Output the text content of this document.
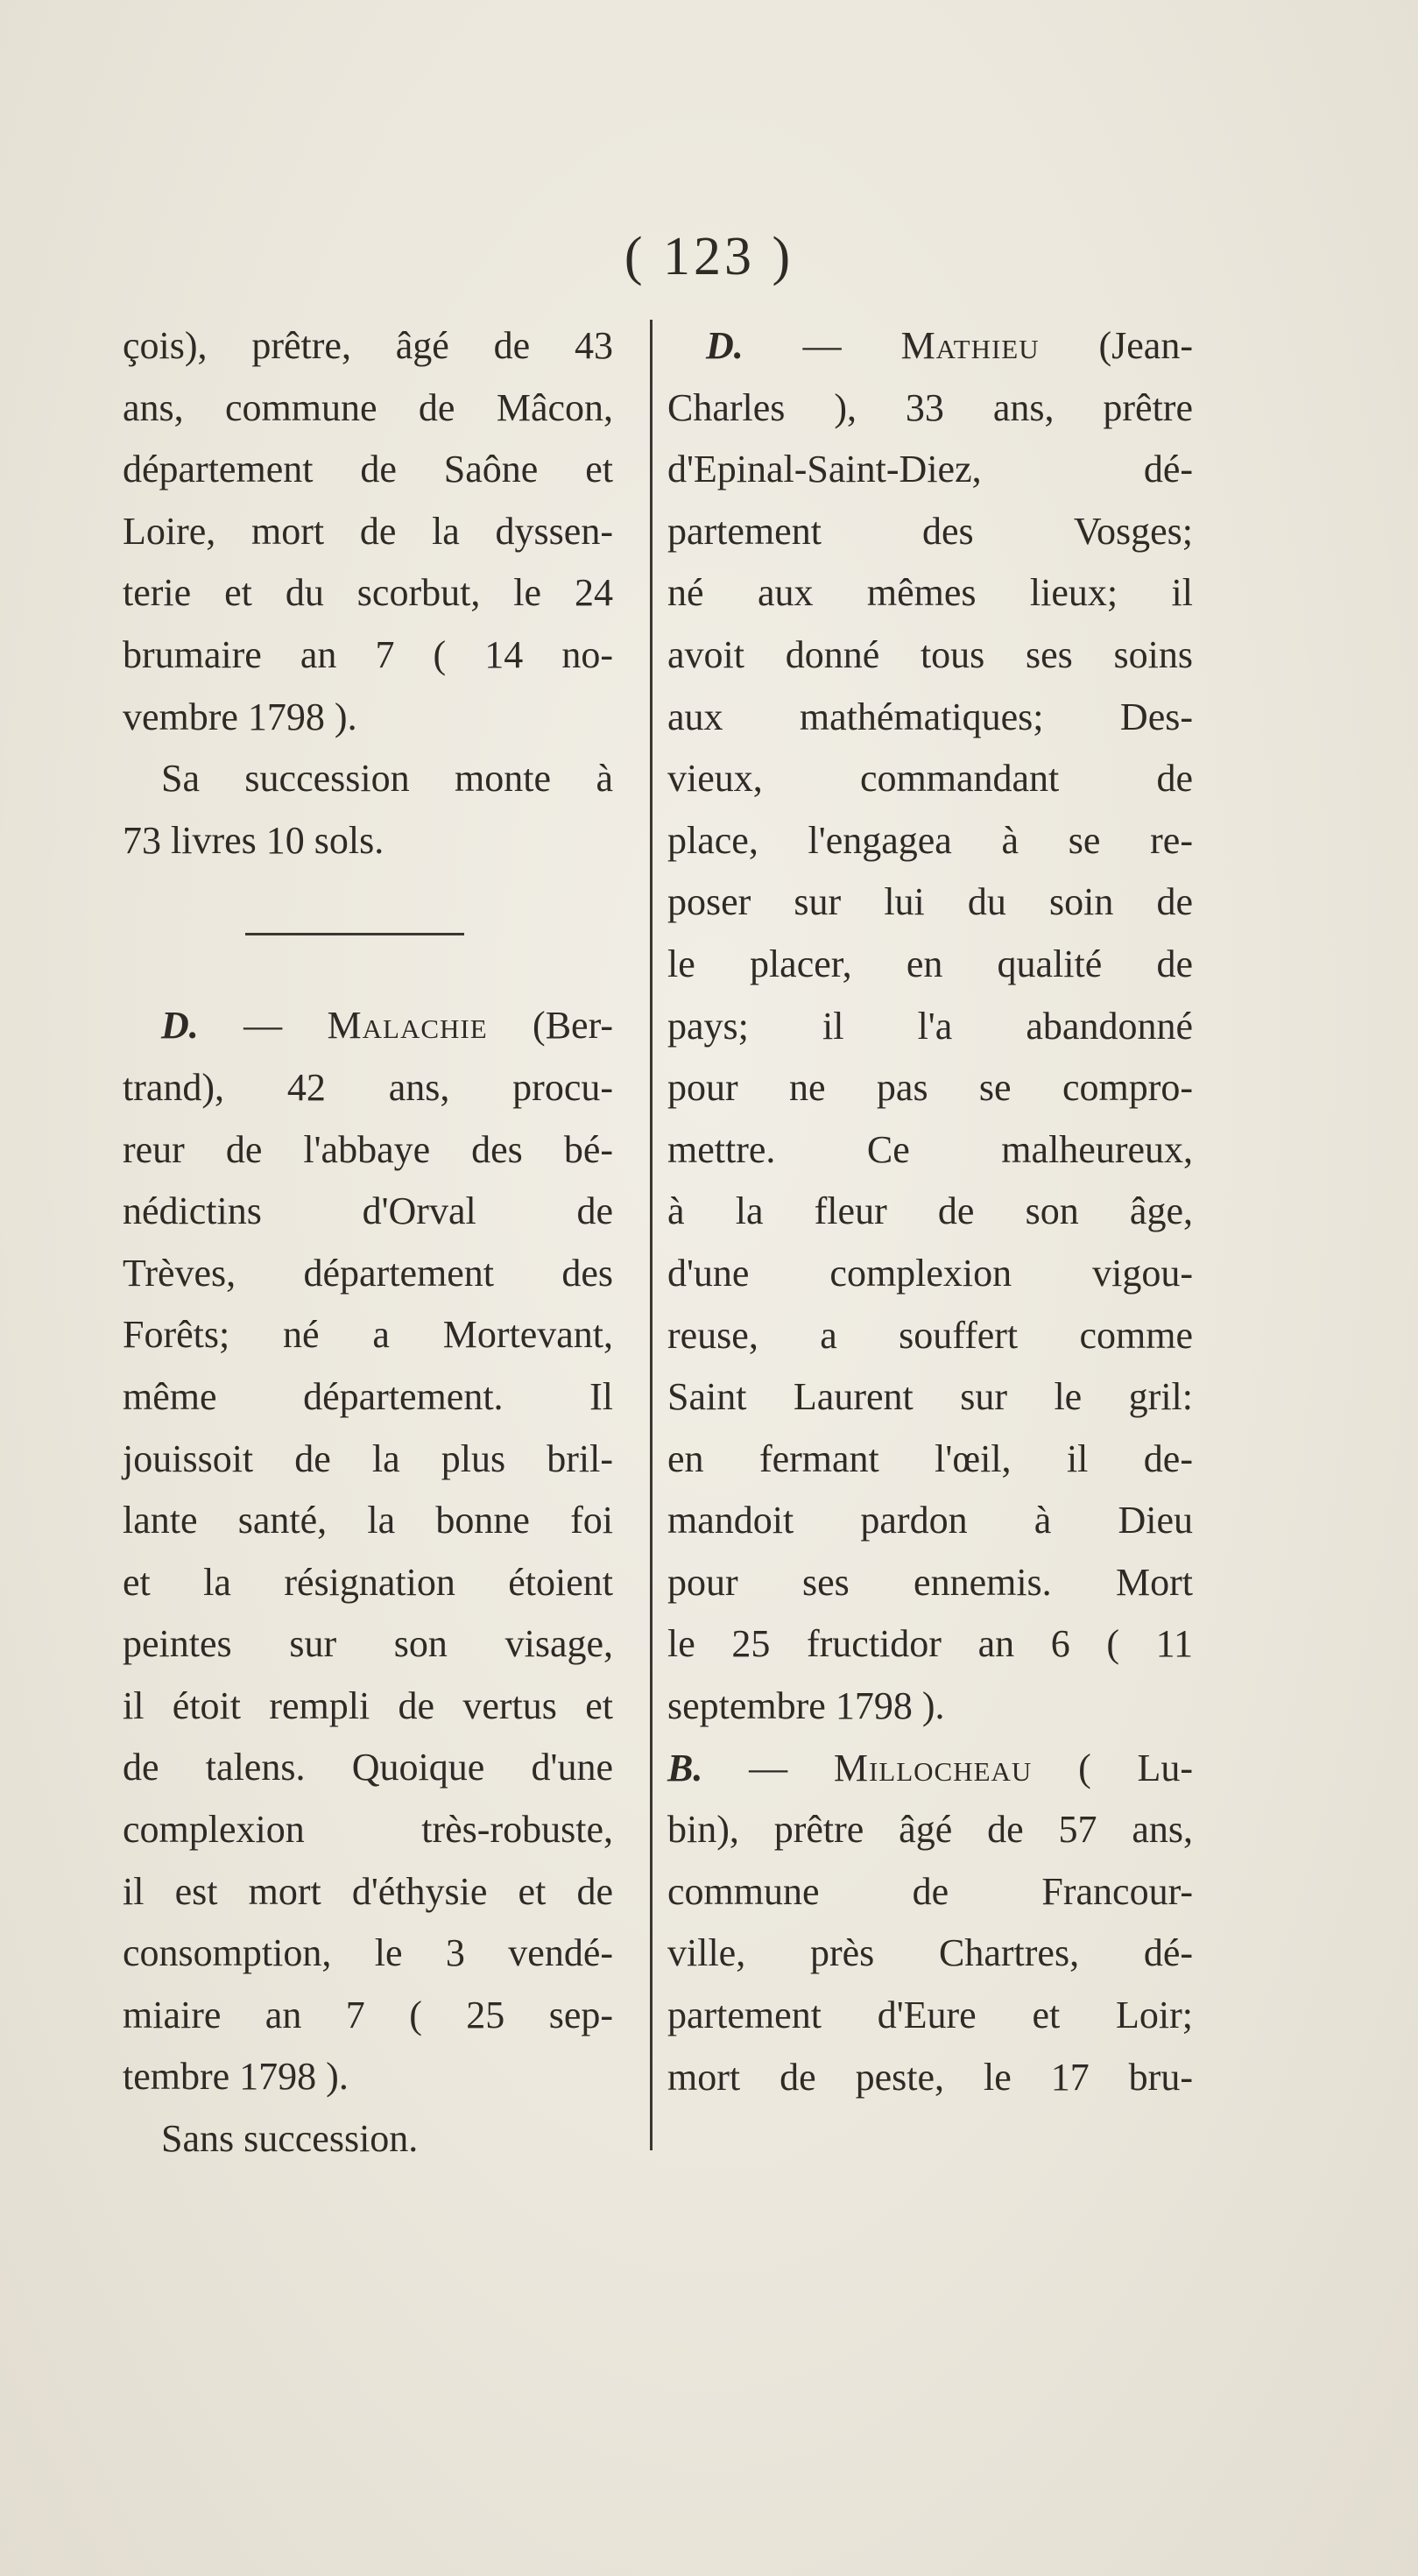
( 123 )
çois), prêtre, âgé de 43
ans, commune de Mâcon,
département de Saône et
Loire, mort de la dyssen-
terie et du scorbut, le 24
brumaire an 7 ( 14 no-
vembre 1798 ).
Sa succession monte à
73 livres 10 sols.
D. — Malachie (Ber-
trand), 42 ans, procu-
reur de l'abbaye des bé-
nédictins d'Orval de
Trèves, département des
Forêts; né a Mortevant,
même département. Il
jouissoit de la plus bril-
lante santé, la bonne foi
et la résignation étoient
peintes sur son visage,
il étoit rempli de vertus et
de talens. Quoique d'une
complexion très-robuste,
il est mort d'éthysie et de
consomption, le 3 vendé-
miaire an 7 ( 25 sep-
tembre 1798 ).
Sans succession.
D. — Mathieu (Jean-
Charles ), 33 ans, prêtre
d'Epinal-Saint-Diez, dé-
partement des Vosges;
né aux mêmes lieux; il
avoit donné tous ses soins
aux mathématiques; Des-
vieux, commandant de
place, l'engagea à se re-
poser sur lui du soin de
le placer, en qualité de
pays; il l'a abandonné
pour ne pas se compro-
mettre. Ce malheureux,
à la fleur de son âge,
d'une complexion vigou-
reuse, a souffert comme
Saint Laurent sur le gril:
en fermant l'œil, il de-
mandoit pardon à Dieu
pour ses ennemis. Mort
le 25 fructidor an 6 ( 11
septembre 1798 ).
B. — Millocheau ( Lu-
bin), prêtre âgé de 57 ans,
commune de Francour-
ville, près Chartres, dé-
partement d'Eure et Loir;
mort de peste, le 17 bru-
